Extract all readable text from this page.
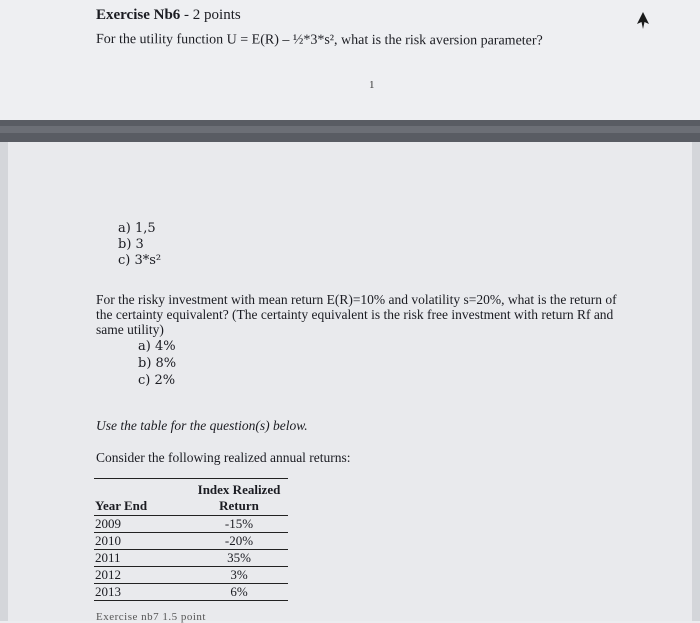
Exercise Nb6 - 2 points
For the utility function U = E(R) – ½*3*s², what is the risk aversion parameter?
1
a) 1,5
b) 3
c) 3*s²
For the risky investment with mean return E(R)=10% and volatility s=20%, what is the return of the certainty equivalent? (The certainty equivalent is the risk free investment with return Rf and same utility)
a) 4%
b) 8%
c) 2%
Use the table for the question(s) below.
Consider the following realized annual returns:
Index Realized
Year End	Return
2009	-15%
2010	-20%
2011	35%
2012	3%
2013	6%
Exercise nb7 1.5 point
